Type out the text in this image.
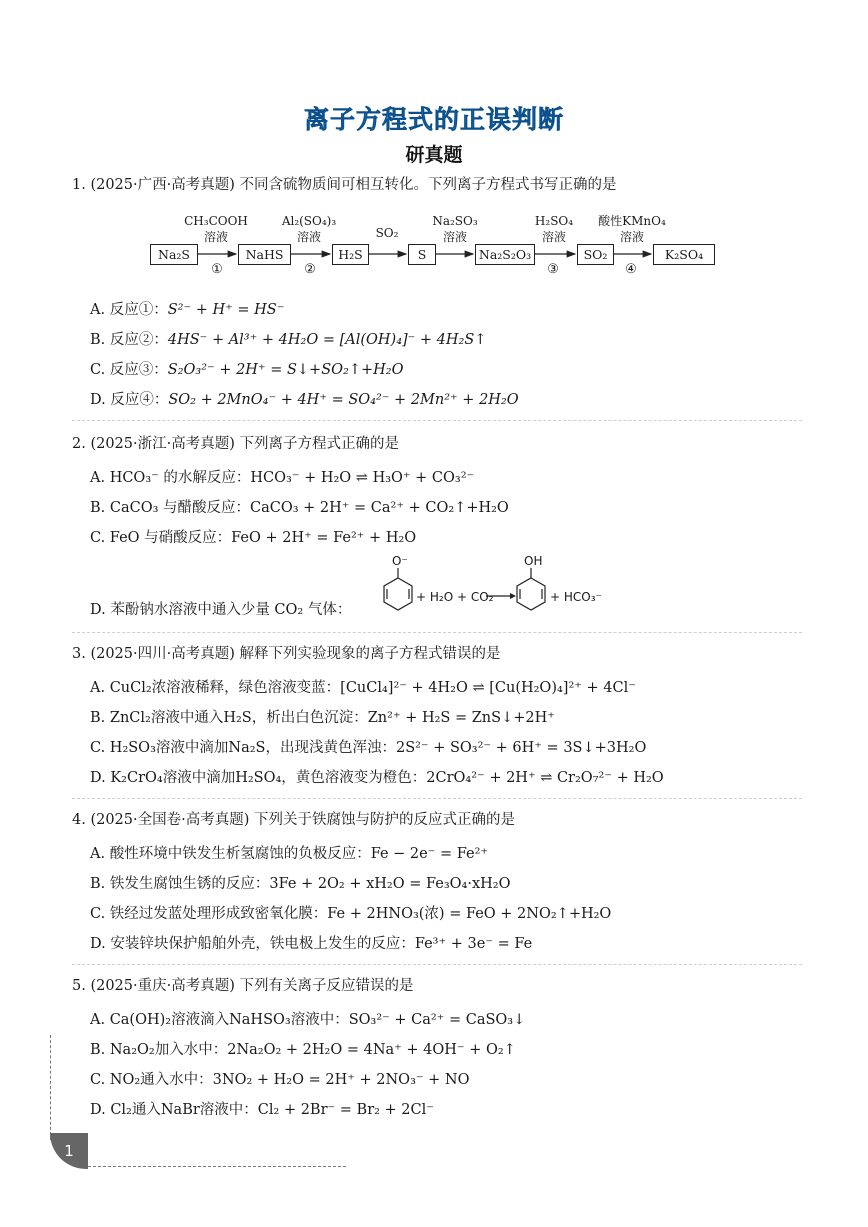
离子方程式的正误判断
研真题
1. (2025·广西·高考真题) 不同含硫物质间可相互转化。下列离子方程式书写正确的是
Na₂S	NaHS	H₂S	S	Na₂S₂O₃	SO₂	K₂SO₄
CH₃COOH
溶液
①
Al₂(SO₄)₃
溶液
②
SO₂
Na₂SO₃
溶液
H₂SO₄
溶液
③
酸性KMnO₄
溶液
④
A. 反应①：S²⁻ + H⁺ = HS⁻
B. 反应②：4HS⁻ + Al³⁺ + 4H₂O = [Al(OH)₄]⁻ + 4H₂S↑
C. 反应③：S₂O₃²⁻ + 2H⁺ = S↓+SO₂↑+H₂O
D. 反应④：SO₂ + 2MnO₄⁻ + 4H⁺ = SO₄²⁻ + 2Mn²⁺ + 2H₂O
2. (2025·浙江·高考真题) 下列离子方程式正确的是
A. HCO₃⁻ 的水解反应：HCO₃⁻ + H₂O ⇌ H₃O⁺ + CO₃²⁻
B. CaCO₃ 与醋酸反应：CaCO₃ + 2H⁺ = Ca²⁺ + CO₂↑+H₂O
C. FeO 与硝酸反应：FeO + 2H⁺ = Fe²⁺ + H₂O
D. 苯酚钠水溶液中通入少量 CO₂ 气体：
O⁻
+ H₂O + CO₂
OH
+ HCO₃⁻
3. (2025·四川·高考真题) 解释下列实验现象的离子方程式错误的是
A. CuCl₂浓溶液稀释，绿色溶液变蓝：[CuCl₄]²⁻ + 4H₂O ⇌ [Cu(H₂O)₄]²⁺ + 4Cl⁻
B. ZnCl₂溶液中通入H₂S，析出白色沉淀：Zn²⁺ + H₂S = ZnS↓+2H⁺
C. H₂SO₃溶液中滴加Na₂S，出现浅黄色浑浊：2S²⁻ + SO₃²⁻ + 6H⁺ = 3S↓+3H₂O
D. K₂CrO₄溶液中滴加H₂SO₄，黄色溶液变为橙色：2CrO₄²⁻ + 2H⁺ ⇌ Cr₂O₇²⁻ + H₂O
4. (2025·全国卷·高考真题) 下列关于铁腐蚀与防护的反应式正确的是
A. 酸性环境中铁发生析氢腐蚀的负极反应：Fe − 2e⁻ = Fe²⁺
B. 铁发生腐蚀生锈的反应：3Fe + 2O₂ + xH₂O = Fe₃O₄·xH₂O
C. 铁经过发蓝处理形成致密氧化膜：Fe + 2HNO₃(浓) = FeO + 2NO₂↑+H₂O
D. 安装锌块保护船舶外壳，铁电极上发生的反应：Fe³⁺ + 3e⁻ = Fe
5. (2025·重庆·高考真题) 下列有关离子反应错误的是
A. Ca(OH)₂溶液滴入NaHSO₃溶液中：SO₃²⁻ + Ca²⁺ = CaSO₃↓
B. Na₂O₂加入水中：2Na₂O₂ + 2H₂O = 4Na⁺ + 4OH⁻ + O₂↑
C. NO₂通入水中：3NO₂ + H₂O = 2H⁺ + 2NO₃⁻ + NO
D. Cl₂通入NaBr溶液中：Cl₂ + 2Br⁻ = Br₂ + 2Cl⁻
1
